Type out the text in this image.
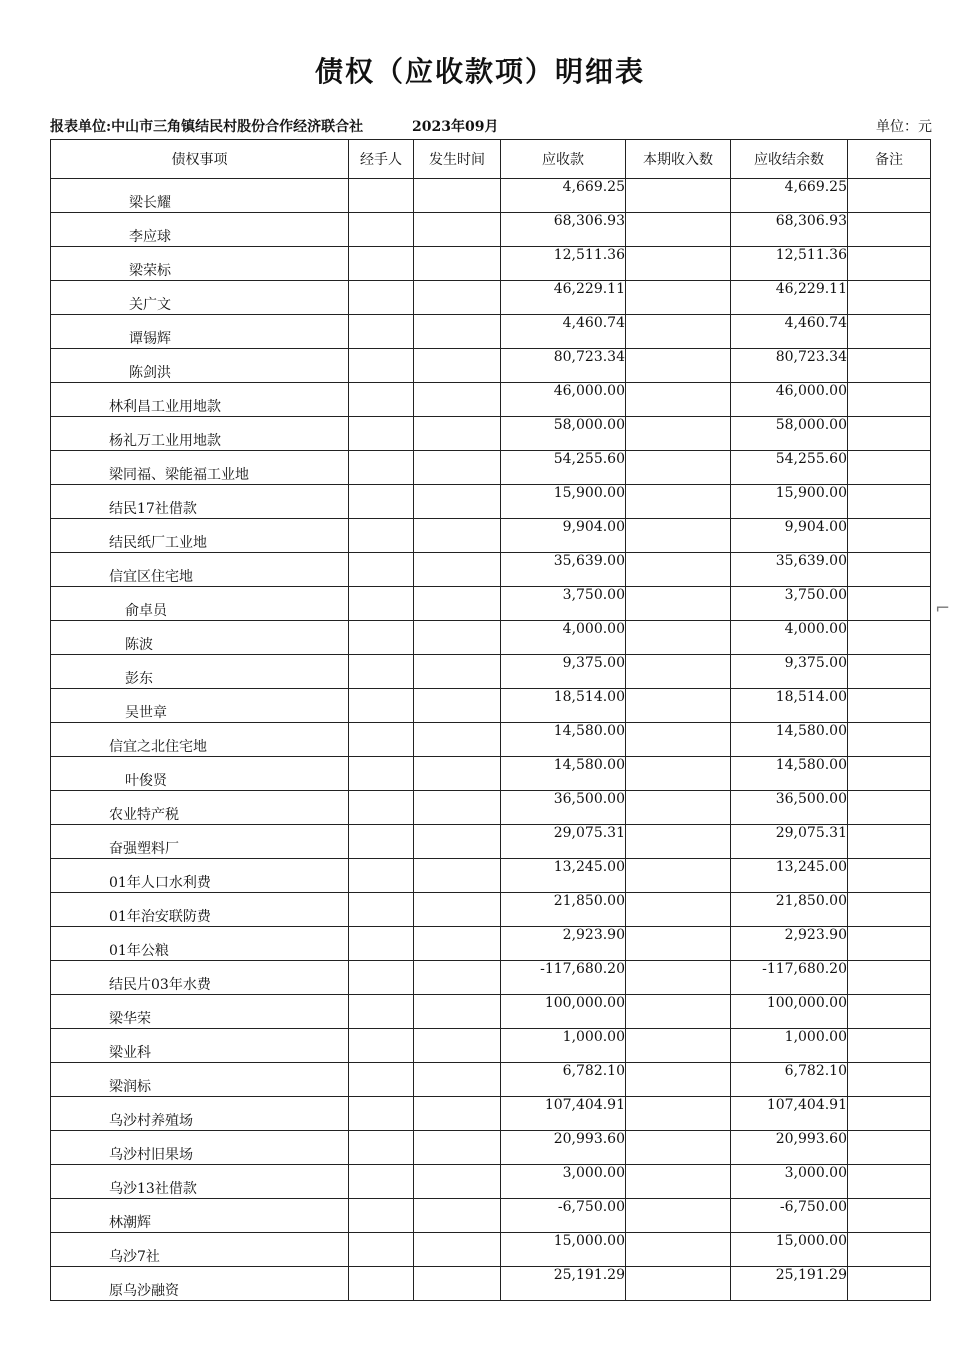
债权（应收款项）明细表
报表单位:中山市三角镇结民村股份合作经济联合社	2023年09月	单位：元
债权事项	经手人	发生时间	应收款	本期收入数	应收结余数	备注
梁长耀			4,669.25		4,669.25	
李应球			68,306.93		68,306.93	
梁荣标			12,511.36		12,511.36	
关广文			46,229.11		46,229.11	
谭锡辉			4,460.74		4,460.74	
陈剑洪			80,723.34		80,723.34	
林利昌工业用地款			46,000.00		46,000.00	
杨礼万工业用地款			58,000.00		58,000.00	
梁同福、梁能福工业地			54,255.60		54,255.60	
结民17社借款			15,900.00		15,900.00	
结民纸厂工业地			9,904.00		9,904.00	
信宜区住宅地			35,639.00		35,639.00	
俞卓员			3,750.00		3,750.00	
陈波			4,000.00		4,000.00	
彭东			9,375.00		9,375.00	
吴世章			18,514.00		18,514.00	
信宜之北住宅地			14,580.00		14,580.00	
叶俊贤			14,580.00		14,580.00	
农业特产税			36,500.00		36,500.00	
奋强塑料厂			29,075.31		29,075.31	
01年人口水利费			13,245.00		13,245.00	
01年治安联防费			21,850.00		21,850.00	
01年公粮			2,923.90		2,923.90	
结民片03年水费			-117,680.20		-117,680.20	
梁华荣			100,000.00		100,000.00	
梁业科			1,000.00		1,000.00	
梁润标			6,782.10		6,782.10	
乌沙村养殖场			107,404.91		107,404.91	
乌沙村旧果场			20,993.60		20,993.60	
乌沙13社借款			3,000.00		3,000.00	
林潮辉			-6,750.00		-6,750.00	
乌沙7社			15,000.00		15,000.00	
原乌沙融资			25,191.29		25,191.29	
⌐
